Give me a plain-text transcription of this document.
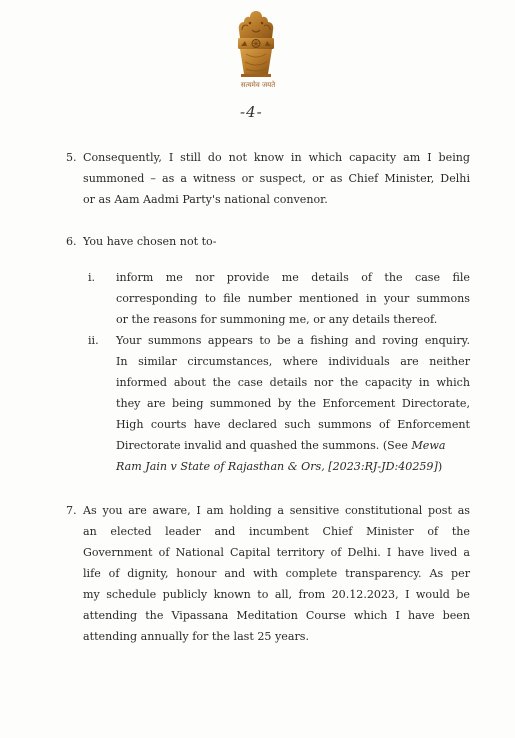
सत्यमेव जयते
-4-
5. Consequently, I still do not know in which capacity am I being
summoned – as a witness or suspect, or as Chief Minister, Delhi
or as Aam Aadmi Party's national convenor.
6. You have chosen not to-
i. inform me nor provide me details of the case file
corresponding to file number mentioned in your summons
or the reasons for summoning me, or any details thereof.
ii. Your summons appears to be a fishing and roving enquiry.
In similar circumstances, where individuals are neither
informed about the case details nor the capacity in which
they are being summoned by the Enforcement Directorate,
High courts have declared such summons of Enforcement
Directorate invalid and quashed the summons. (See Mewa
Ram Jain v State of Rajasthan & Ors, [2023:RJ-JD:40259])
7. As you are aware, I am holding a sensitive constitutional post as
an elected leader and incumbent Chief Minister of the
Government of National Capital territory of Delhi. I have lived a
life of dignity, honour and with complete transparency. As per
my schedule publicly known to all, from 20.12.2023, I would be
attending the Vipassana Meditation Course which I have been
attending annually for the last 25 years.
